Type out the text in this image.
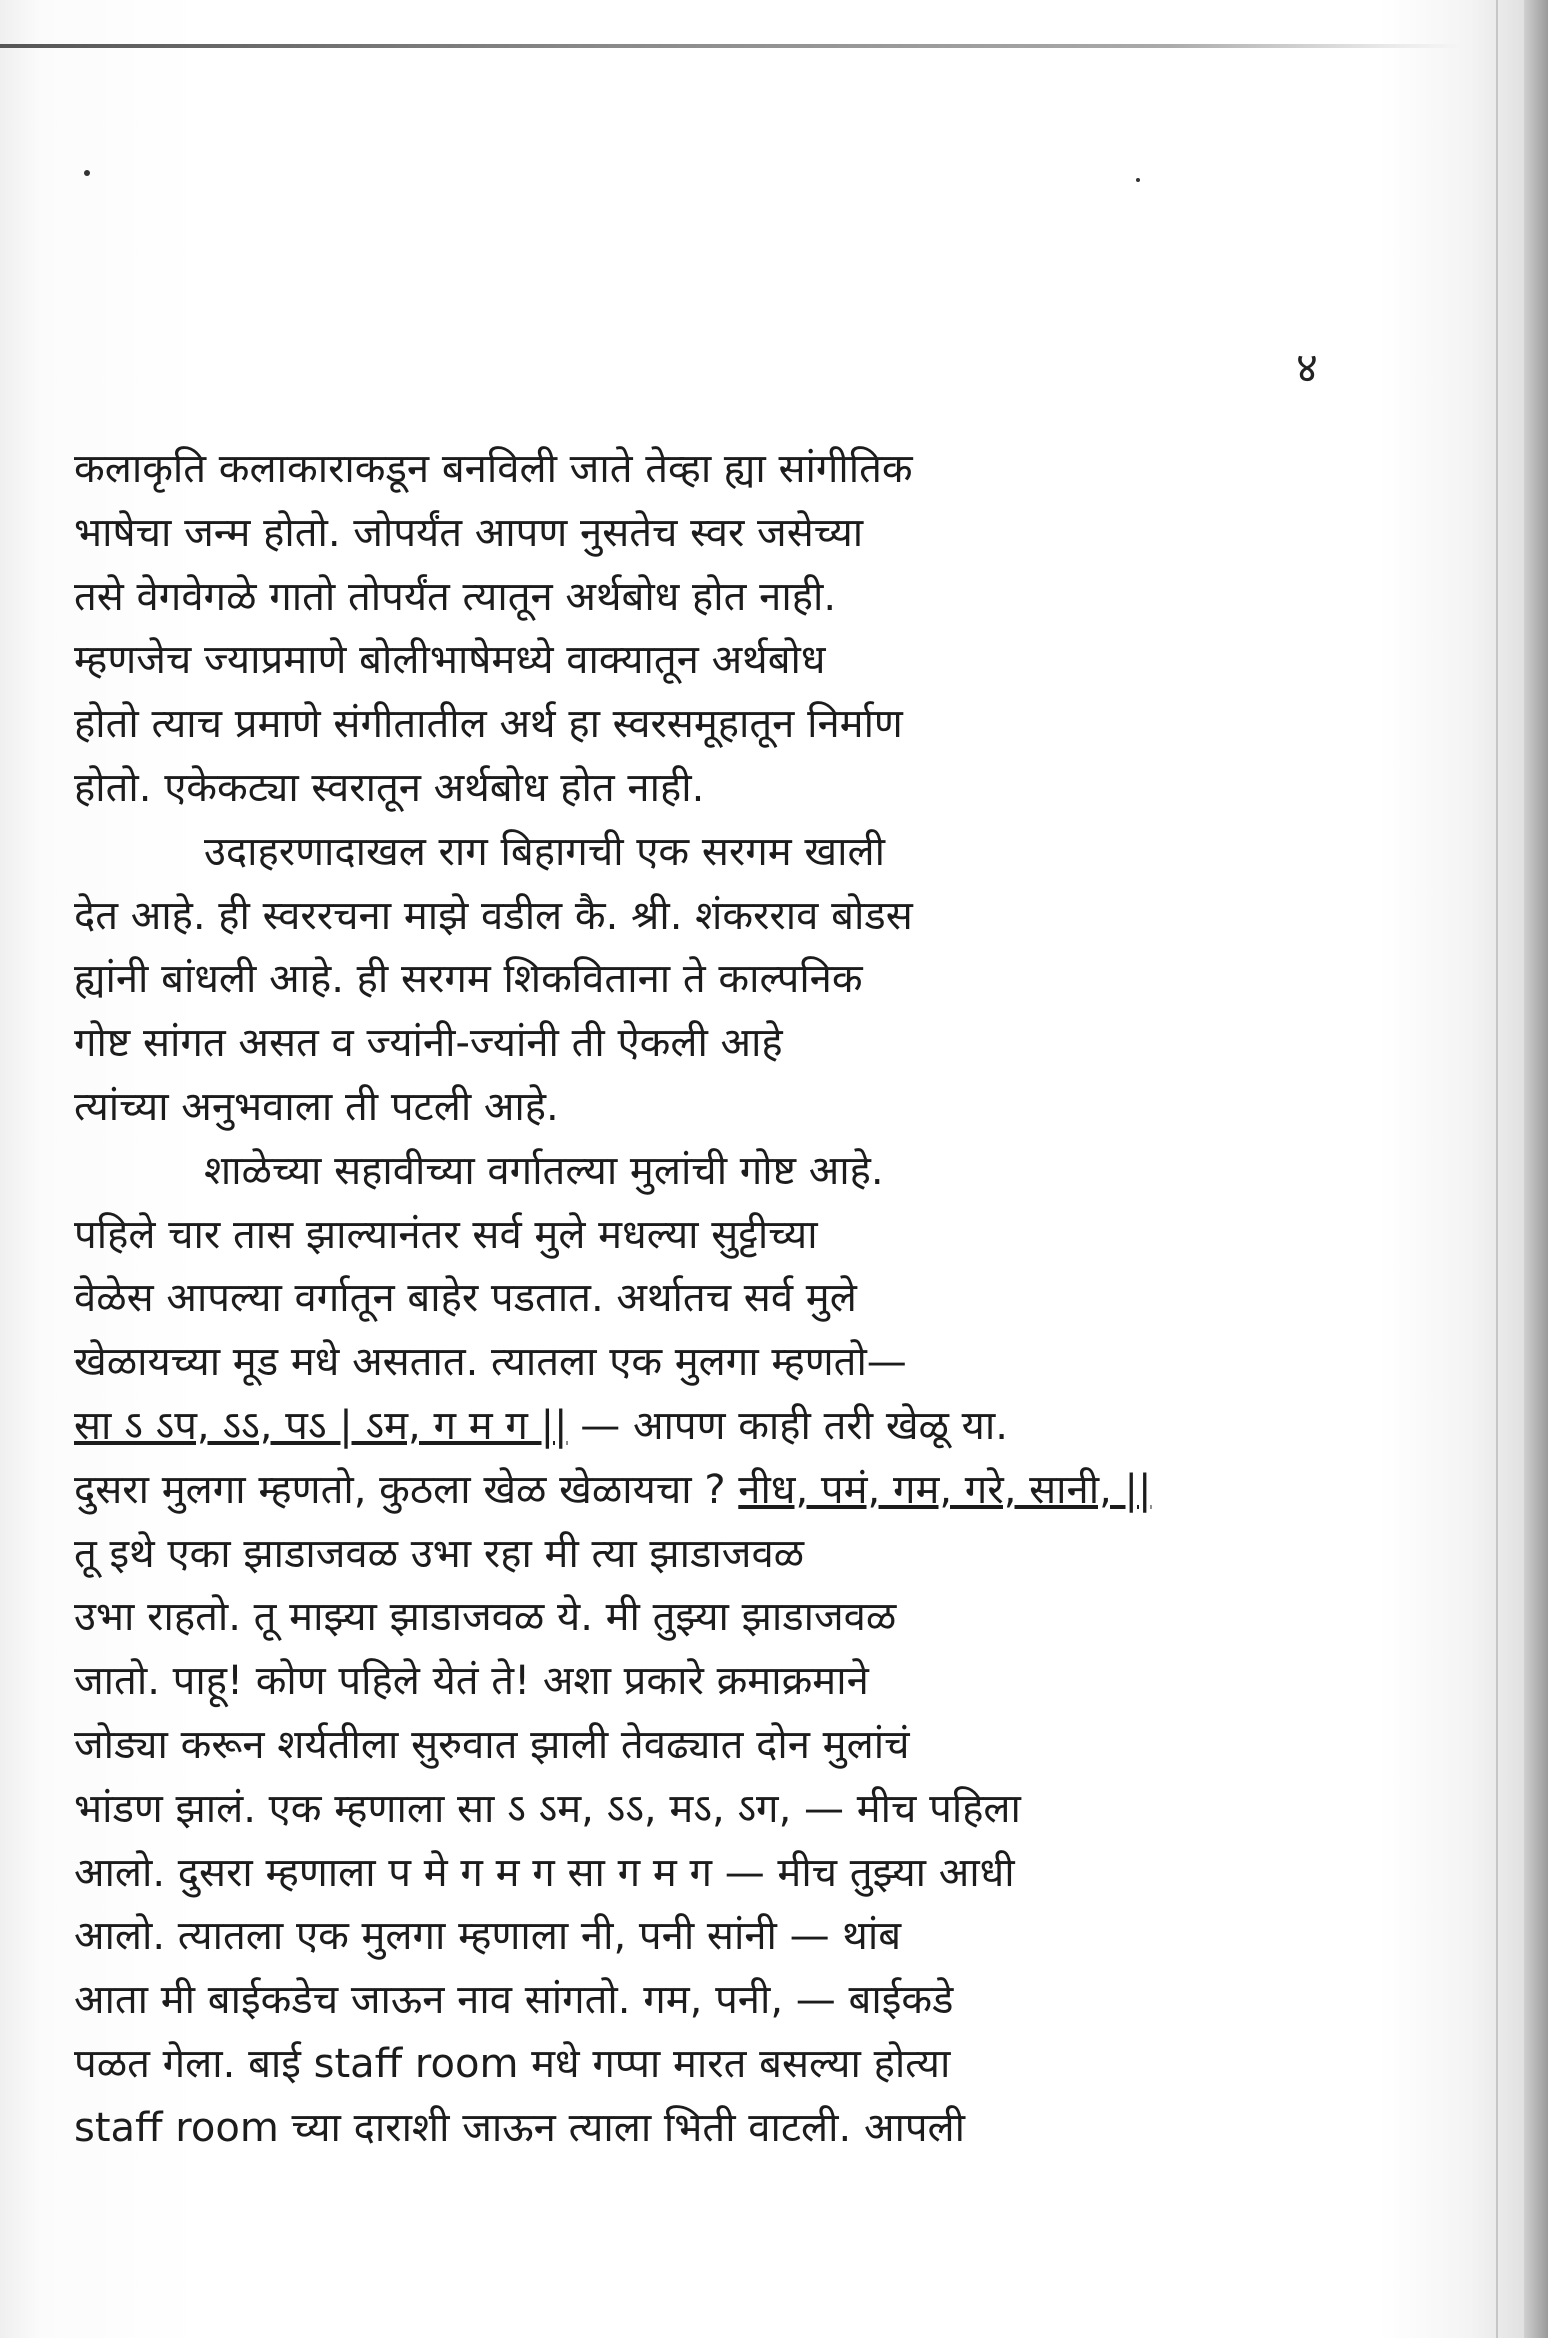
४
कलाकृति कलाकाराकडून बनविली जाते तेव्हा ह्या सांगीतिक
भाषेचा जन्म होतो. जोपर्यंत आपण नुसतेच स्वर जसेच्या
तसे वेगवेगळे गातो तोपर्यंत त्यातून अर्थबोध होत नाही.
म्हणजेच ज्याप्रमाणे बोलीभाषेमध्ये वाक्यातून अर्थबोध
होतो त्याच प्रमाणे संगीतातील अर्थ हा स्वरसमूहातून निर्माण
होतो. एकेकट्या स्वरातून अर्थबोध होत नाही.
उदाहरणादाखल राग बिहागची एक सरगम खाली
देत आहे. ही स्वररचना माझे वडील कै. श्री. शंकरराव बोडस
ह्यांनी बांधली आहे. ही सरगम शिकविताना ते काल्पनिक
गोष्ट सांगत असत व ज्यांनी-ज्यांनी ती ऐकली आहे
त्यांच्या अनुभवाला ती पटली आहे.
शाळेच्या सहावीच्या वर्गातल्या मुलांची गोष्ट आहे.
पहिले चार तास झाल्यानंतर सर्व मुले मधल्या सुट्टीच्या
वेळेस आपल्या वर्गातून बाहेर पडतात. अर्थातच सर्व मुले
खेळायच्या मूड मधे असतात. त्यातला एक मुलगा म्हणतो—
सा ऽ ऽप, ऽऽ, पऽ | ऽम, ग म ग || — आपण काही तरी खेळू या.
दुसरा मुलगा म्हणतो, कुठला खेळ खेळायचा ? नीध, पमं, गम, गरे, सानी, ||
तू इथे एका झाडाजवळ उभा रहा मी त्या झाडाजवळ
उभा राहतो. तू माझ्या झाडाजवळ ये. मी तुझ्या झाडाजवळ
जातो. पाहू! कोण पहिले येतं ते! अशा प्रकारे क्रमाक्रमाने
जोड्या करून शर्यतीला सुरुवात झाली तेवढ्यात दोन मुलांचं
भांडण झालं. एक म्हणाला सा ऽ ऽम, ऽऽ, मऽ, ऽग, — मीच पहिला
आलो. दुसरा म्हणाला प मे ग म ग सा ग म ग — मीच तुझ्या आधी
आलो. त्यातला एक मुलगा म्हणाला नी, पनी सांनी — थांब
आता मी बाईकडेच जाऊन नाव सांगतो. गम, पनी, — बाईकडे
पळत गेला. बाई staff room मधे गप्पा मारत बसल्या होत्या
staff room च्या दाराशी जाऊन त्याला भिती वाटली. आपली
